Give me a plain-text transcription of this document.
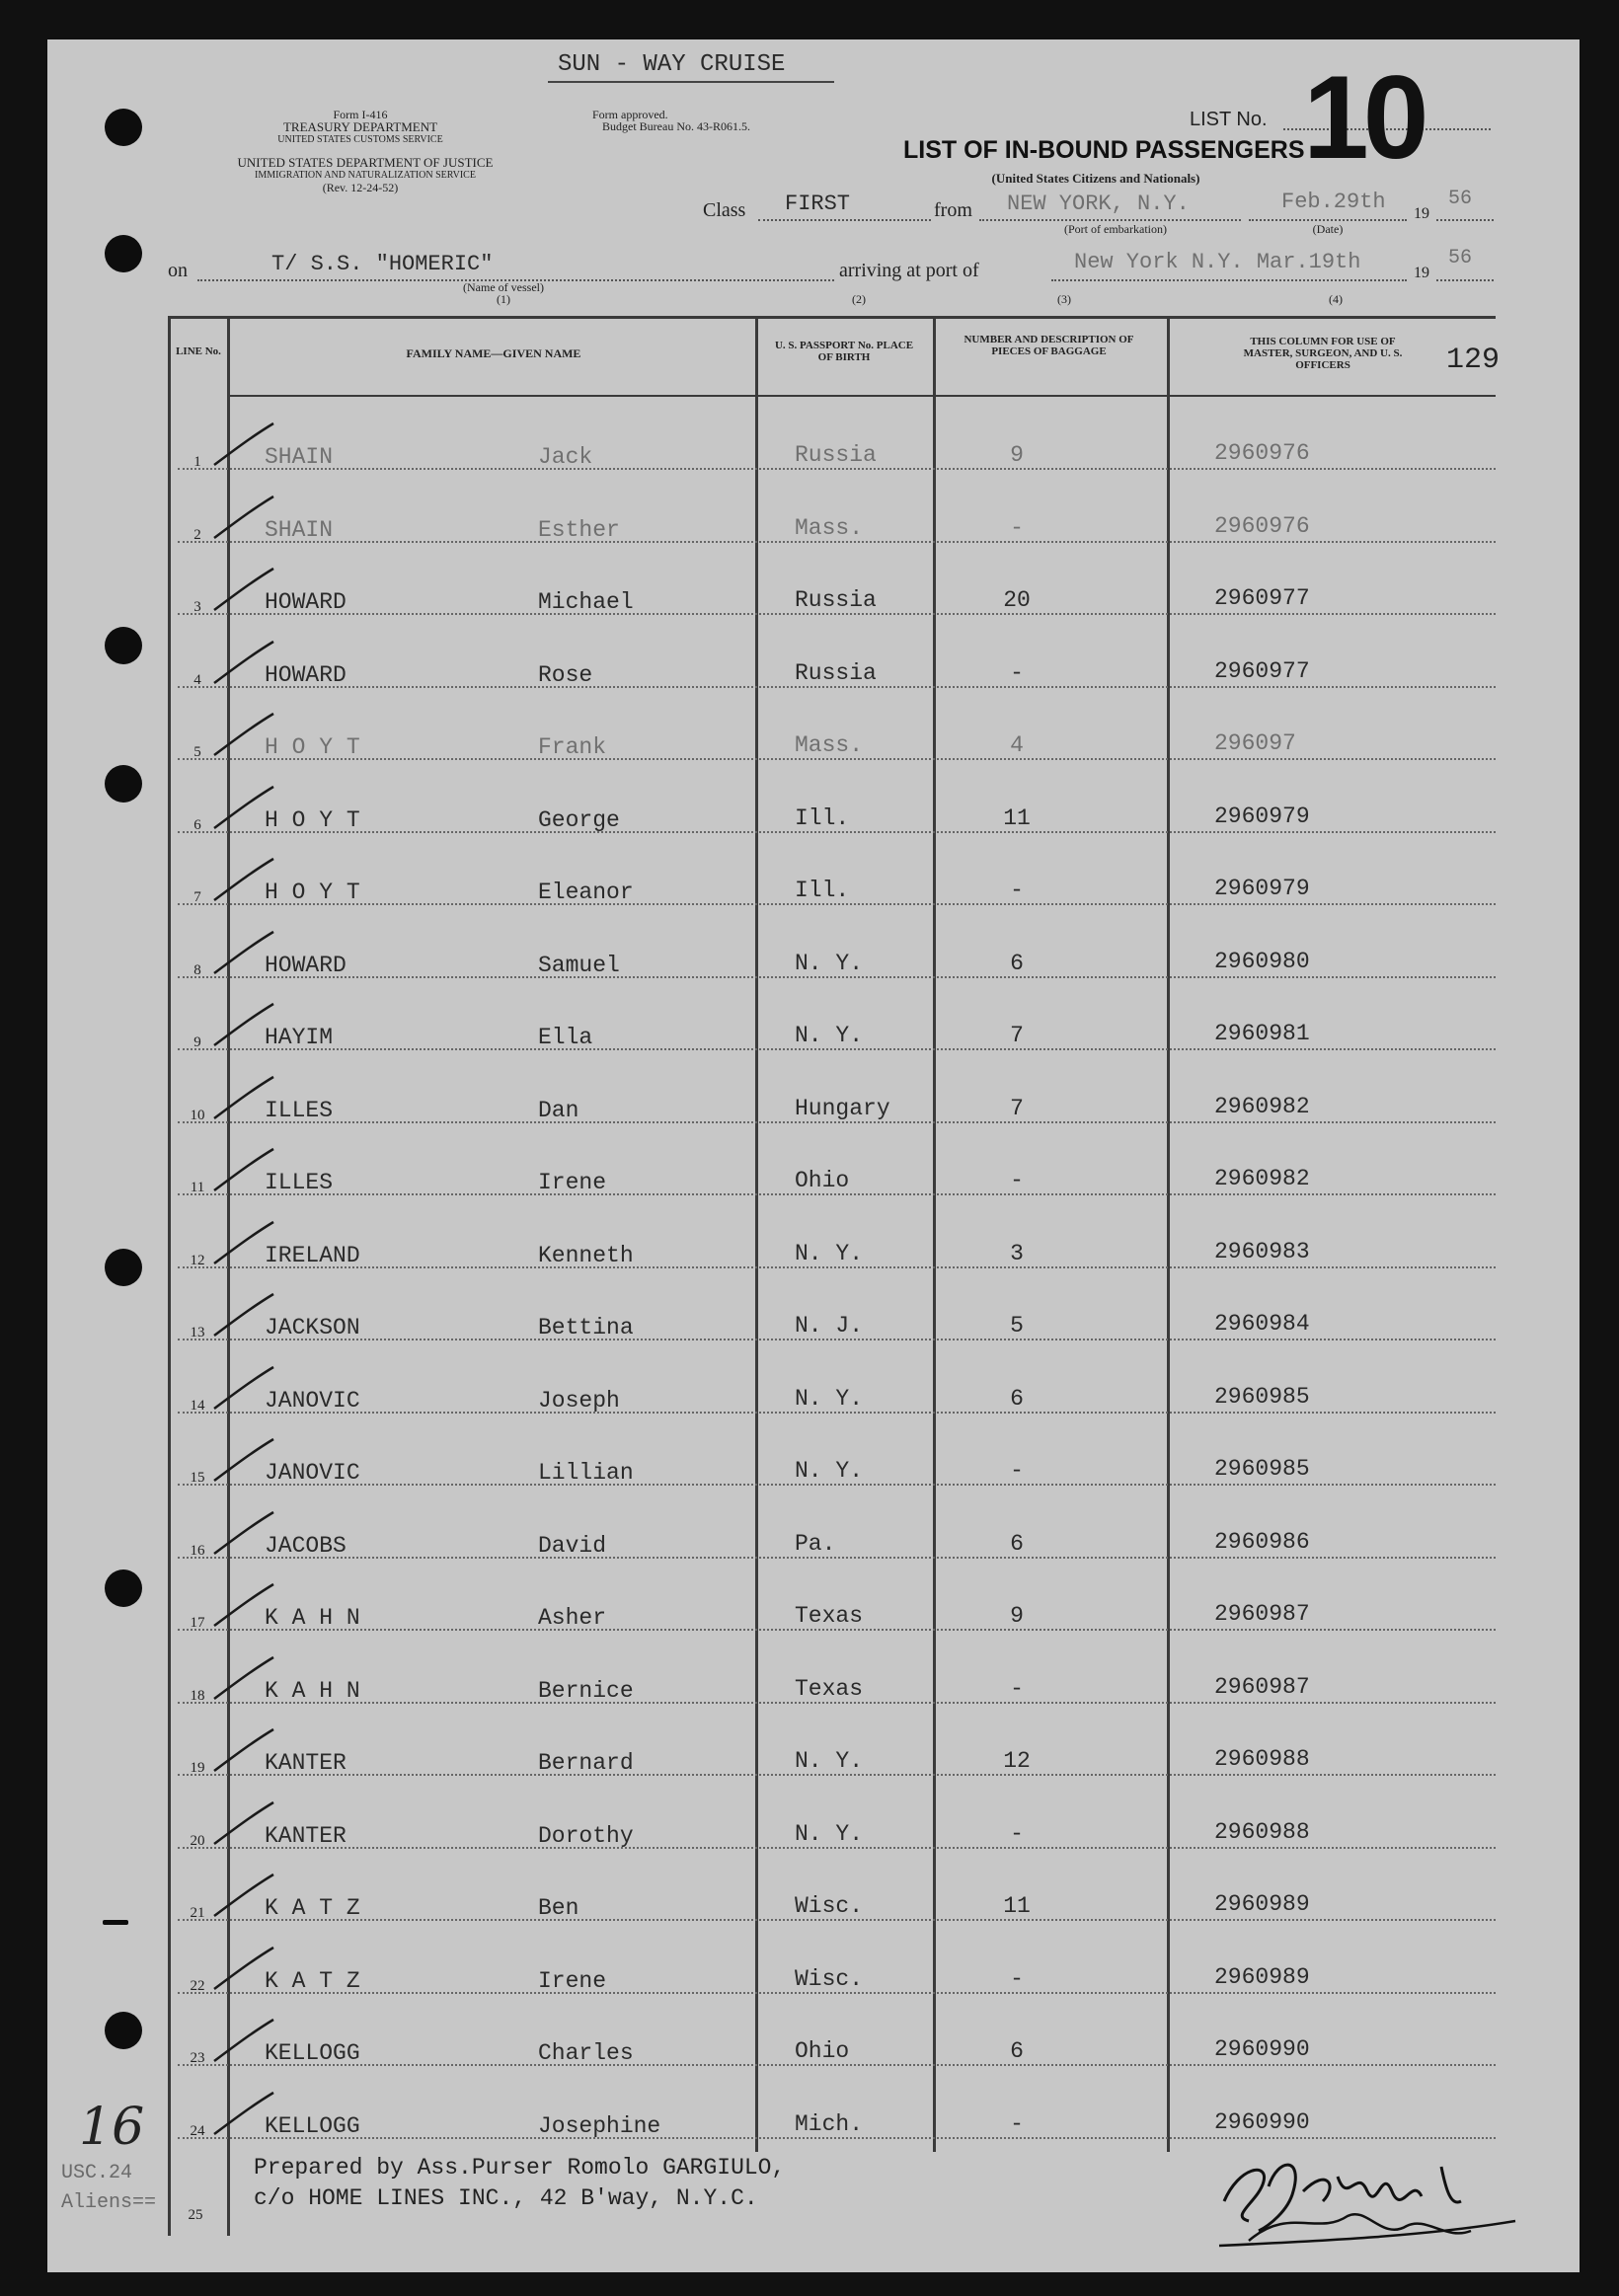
SUN - WAY CRUISE
Form I-416
TREASURY DEPARTMENT
UNITED STATES CUSTOMS SERVICE
UNITED STATES DEPARTMENT OF JUSTICE
IMMIGRATION AND NATURALIZATION SERVICE
(Rev. 12-24-52)
Form approved.
Budget Bureau No. 43-R061.5.	LIST No. 10
LIST OF IN-BOUND PASSENGERS
(United States Citizens and Nationals)
Class FIRST	from NEW YORK, N.Y.
(Port of embarkation)
Feb.29th
(Date)
19
56
on	T/ S.S. "HOMERIC"
(Name of vessel)
(1)
arriving at port of	New York N.Y. Mar.19th	19
56
(2)	(3)	(4)
LINE No.	FAMILY NAME—GIVEN NAME
U. S. PASSPORT No. PLACE OF BIRTH
NUMBER AND DESCRIPTION OF PIECES OF BAGGAGE
THIS COLUMN FOR USE OF MASTER, SURGEON, AND U. S. OFFICERS	129
1	SHAIN	Jack	Russia	9	2960976
2	SHAIN	Esther	Mass.	-	2960976
3	HOWARD	Michael	Russia	20	2960977
4	HOWARD	Rose	Russia	-	2960977
5	H O Y T	Frank	Mass.	4	296097
6	H O Y T	George	Ill.	11	2960979
7	H O Y T	Eleanor	Ill.	-	2960979
8	HOWARD	Samuel	N. Y.	6	2960980
9	HAYIM	Ella	N. Y.	7	2960981
10	ILLES	Dan	Hungary	7	2960982
11	ILLES	Irene	Ohio	-	2960982
12	IRELAND	Kenneth	N. Y.	3	2960983
13	JACKSON	Bettina	N. J.	5	2960984
14	JANOVIC	Joseph	N. Y.	6	2960985
15	JANOVIC	Lillian	N. Y.	-	2960985
16	JACOBS	David	Pa.	6	2960986
17	K A H N	Asher	Texas	9	2960987
18	K A H N	Bernice	Texas	-	2960987
19	KANTER	Bernard	N. Y.	12	2960988
20	KANTER	Dorothy	N. Y.	-	2960988
21	K A T Z	Ben	Wisc.	11	2960989
22	K A T Z	Irene	Wisc.	-	2960989
23	KELLOGG	Charles	Ohio	6	2960990
24	KELLOGG	Josephine	Mich.	-	2960990
Prepared by Ass.Purser Romolo GARGIULO,
c/o HOME LINES INC., 42 B'way, N.Y.C.
25
USC.24
Aliens==
16
